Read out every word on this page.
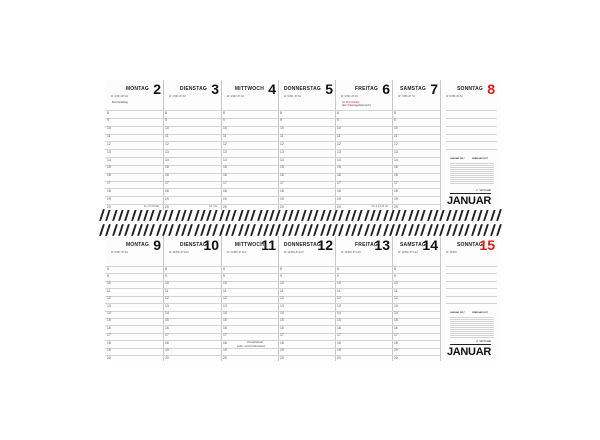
MONTAG 2
W. 2/364 JH 2/2
Berchtoldstag
8
9
10
11
12
13
14
15
16
17
18
19
20	11–7/1 M GE
DIENSTAG 3
W. 3/363 JH 3/2
8
9
10
11
12
13
14
15
16
17
18
19
20	18–7/1
MITTWOCH 4
W. 4/362 JH 4/2
8
9
10
11
12
13
14
15
16
17
18
19
20
DONNERSTAG 5
W. 5/361 JH 5/2
8
9
10
11
12
13
14
15
16
17
18
19
20
FREITAG 6
W. 6/360 JH 6/2
Hl. Drei Könige
(kein Feiertag/österreich)
8
9
10
11
12
13
14
15
16
17
18
19
20	21–4 21 21 22
SAMSTAG 7
W. 7/359 JH 7/2
8
9
10
11
12
13
14
15
16
17
18
19
20
SONNTAG 8
W. 8/358 JH 8/2
JANUAR 2017	FEBRUAR 2017
1. WOCHE
JANUAR
MONTAG 9
W. 9/357 JH 9/2
8
9
10
11
12
13
14
15
16
17
18
19
20
DIENSTAG
10
W. 10/356 JH 10/2
8
9
10
11
12
13
14
15
16
17
18
19
20
MITTWOCH
11
W. 11/355 JH 11/2
8
9
10
11
12
13
14
15
16
17
18
19
20
Umsatzsteuer
Lohn- und Kirchensteuer
DONNERSTAG
12
W. 12/354 JH 12/2
8
9
10
11
12
13
14
15
16
17
18
19
20
FREITAG
13
W. 13/353 JH 13/2
8
9
10
11
12
13
14
15
16
17
18
19
20
SAMSTAG
14
W. 14/352 JH 14/2
8
9
10
11
12
13
14
15
16
17
18
19
20
SONNTAG
15
W. 15/351
JANUAR 2017	FEBRUAR 2017
2. WOCHE
JANUAR
